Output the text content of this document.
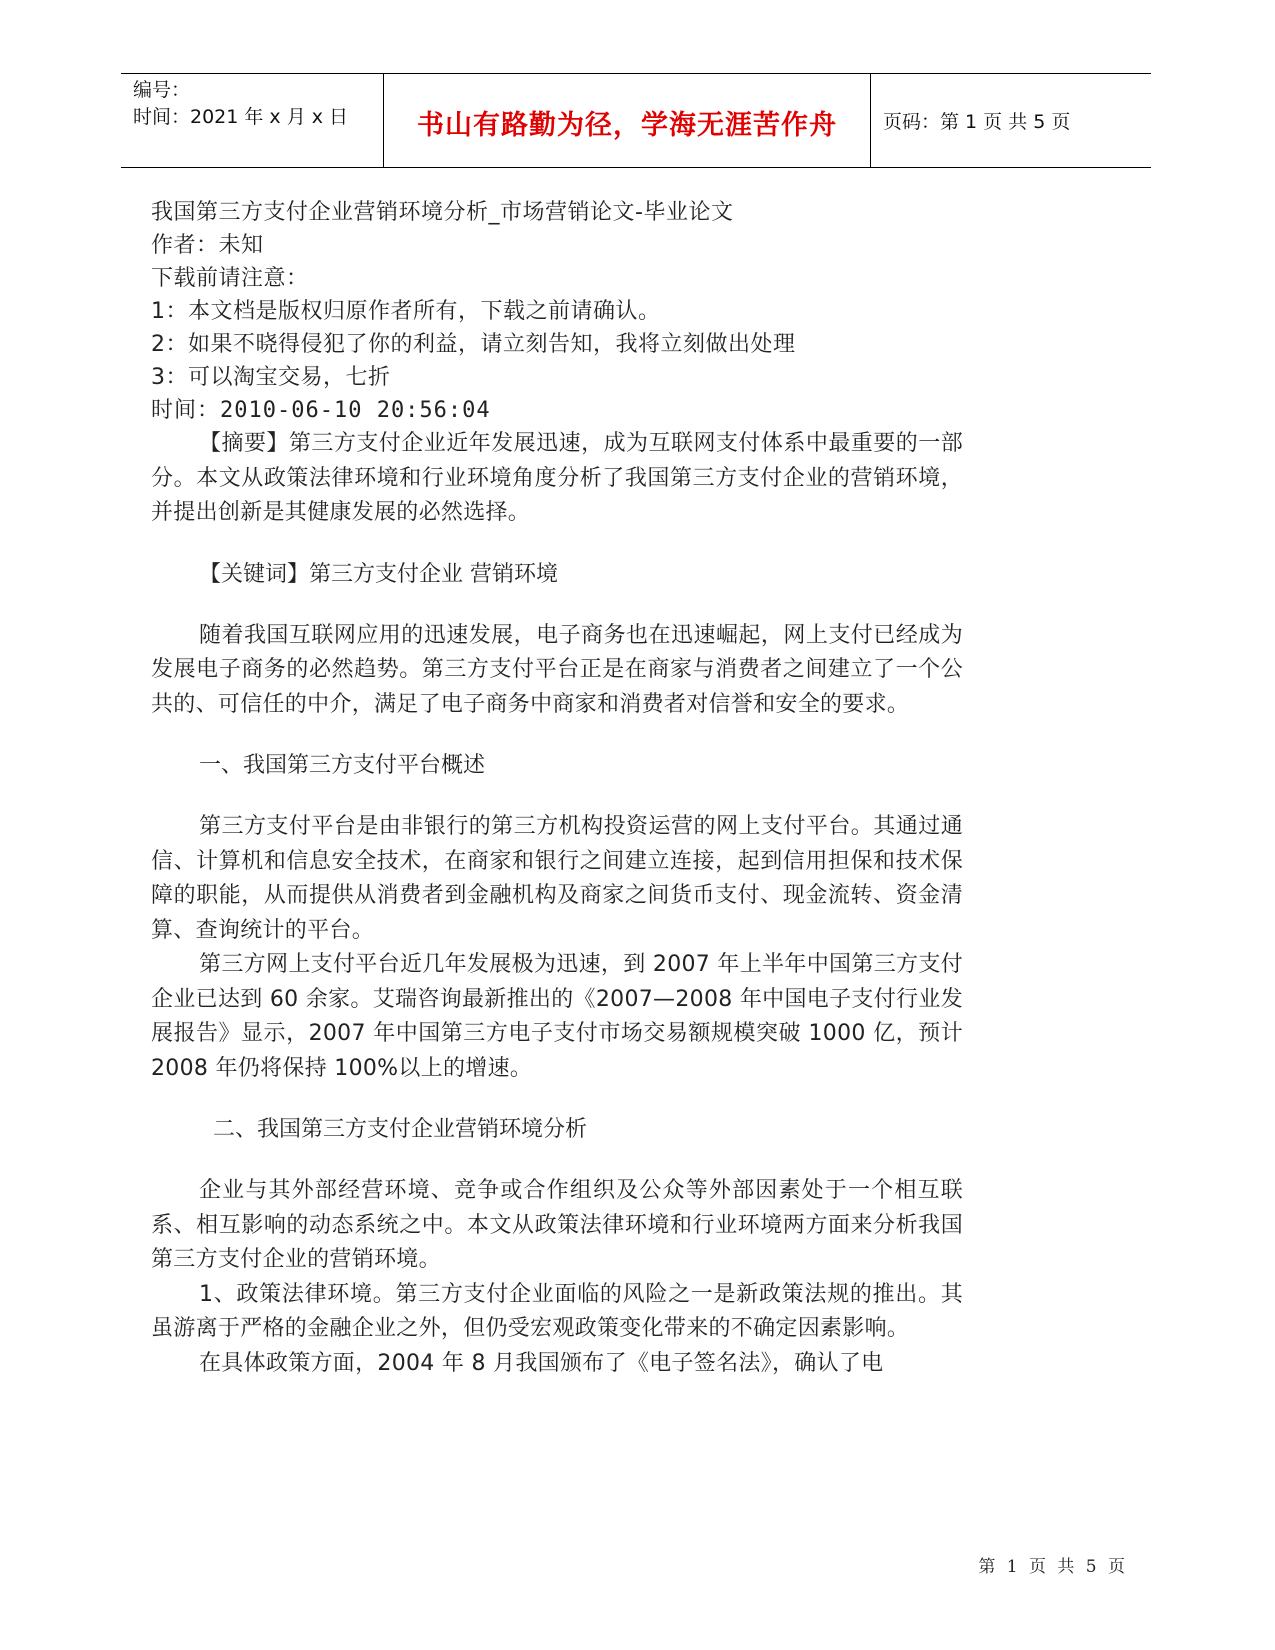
编号：
时间：2021 年 x 月 x 日	书山有路勤为径，学海无涯苦作舟 页码：第 1 页 共 5 页
我国第三方支付企业营销环境分析_市场营销论文-毕业论文
作者：未知
下载前请注意：
1：本文档是版权归原作者所有，下载之前请确认。
2：如果不晓得侵犯了你的利益，请立刻告知，我将立刻做出处理
3：可以淘宝交易，七折
时间：2010-06-10 20:56:04

【摘要】第三方支付企业近年发展迅速，成为互联网支付体系中最重要的一部分。本文从政策法律环境和行业环境角度分析了我国第三方支付企业的营销环境，并提出创新是其健康发展的必然选择。

【关键词】第三方支付企业 营销环境

随着我国互联网应用的迅速发展，电子商务也在迅速崛起，网上支付已经成为发展电子商务的必然趋势。第三方支付平台正是在商家与消费者之间建立了一个公共的、可信任的中介，满足了电子商务中商家和消费者对信誉和安全的要求。

一、我国第三方支付平台概述

第三方支付平台是由非银行的第三方机构投资运营的网上支付平台。其通过通信、计算机和信息安全技术，在商家和银行之间建立连接，起到信用担保和技术保障的职能，从而提供从消费者到金融机构及商家之间货币支付、现金流转、资金清算、查询统计的平台。

第三方网上支付平台近几年发展极为迅速，到 2007 年上半年中国第三方支付企业已达到 60 余家。艾瑞咨询最新推出的《2007—2008 年中国电子支付行业发展报告》显示，2007 年中国第三方电子支付市场交易额规模突破 1000 亿，预计 2008 年仍将保持 100%以上的增速。

二、我国第三方支付企业营销环境分析

企业与其外部经营环境、竞争或合作组织及公众等外部因素处于一个相互联系、相互影响的动态系统之中。本文从政策法律环境和行业环境两方面来分析我国第三方支付企业的营销环境。

1、政策法律环境。第三方支付企业面临的风险之一是新政策法规的推出。其虽游离于严格的金融企业之外，但仍受宏观政策变化带来的不确定因素影响。

在具体政策方面，2004 年 8 月我国颁布了《电子签名法》，确认了电

第 1 页 共 5 页
